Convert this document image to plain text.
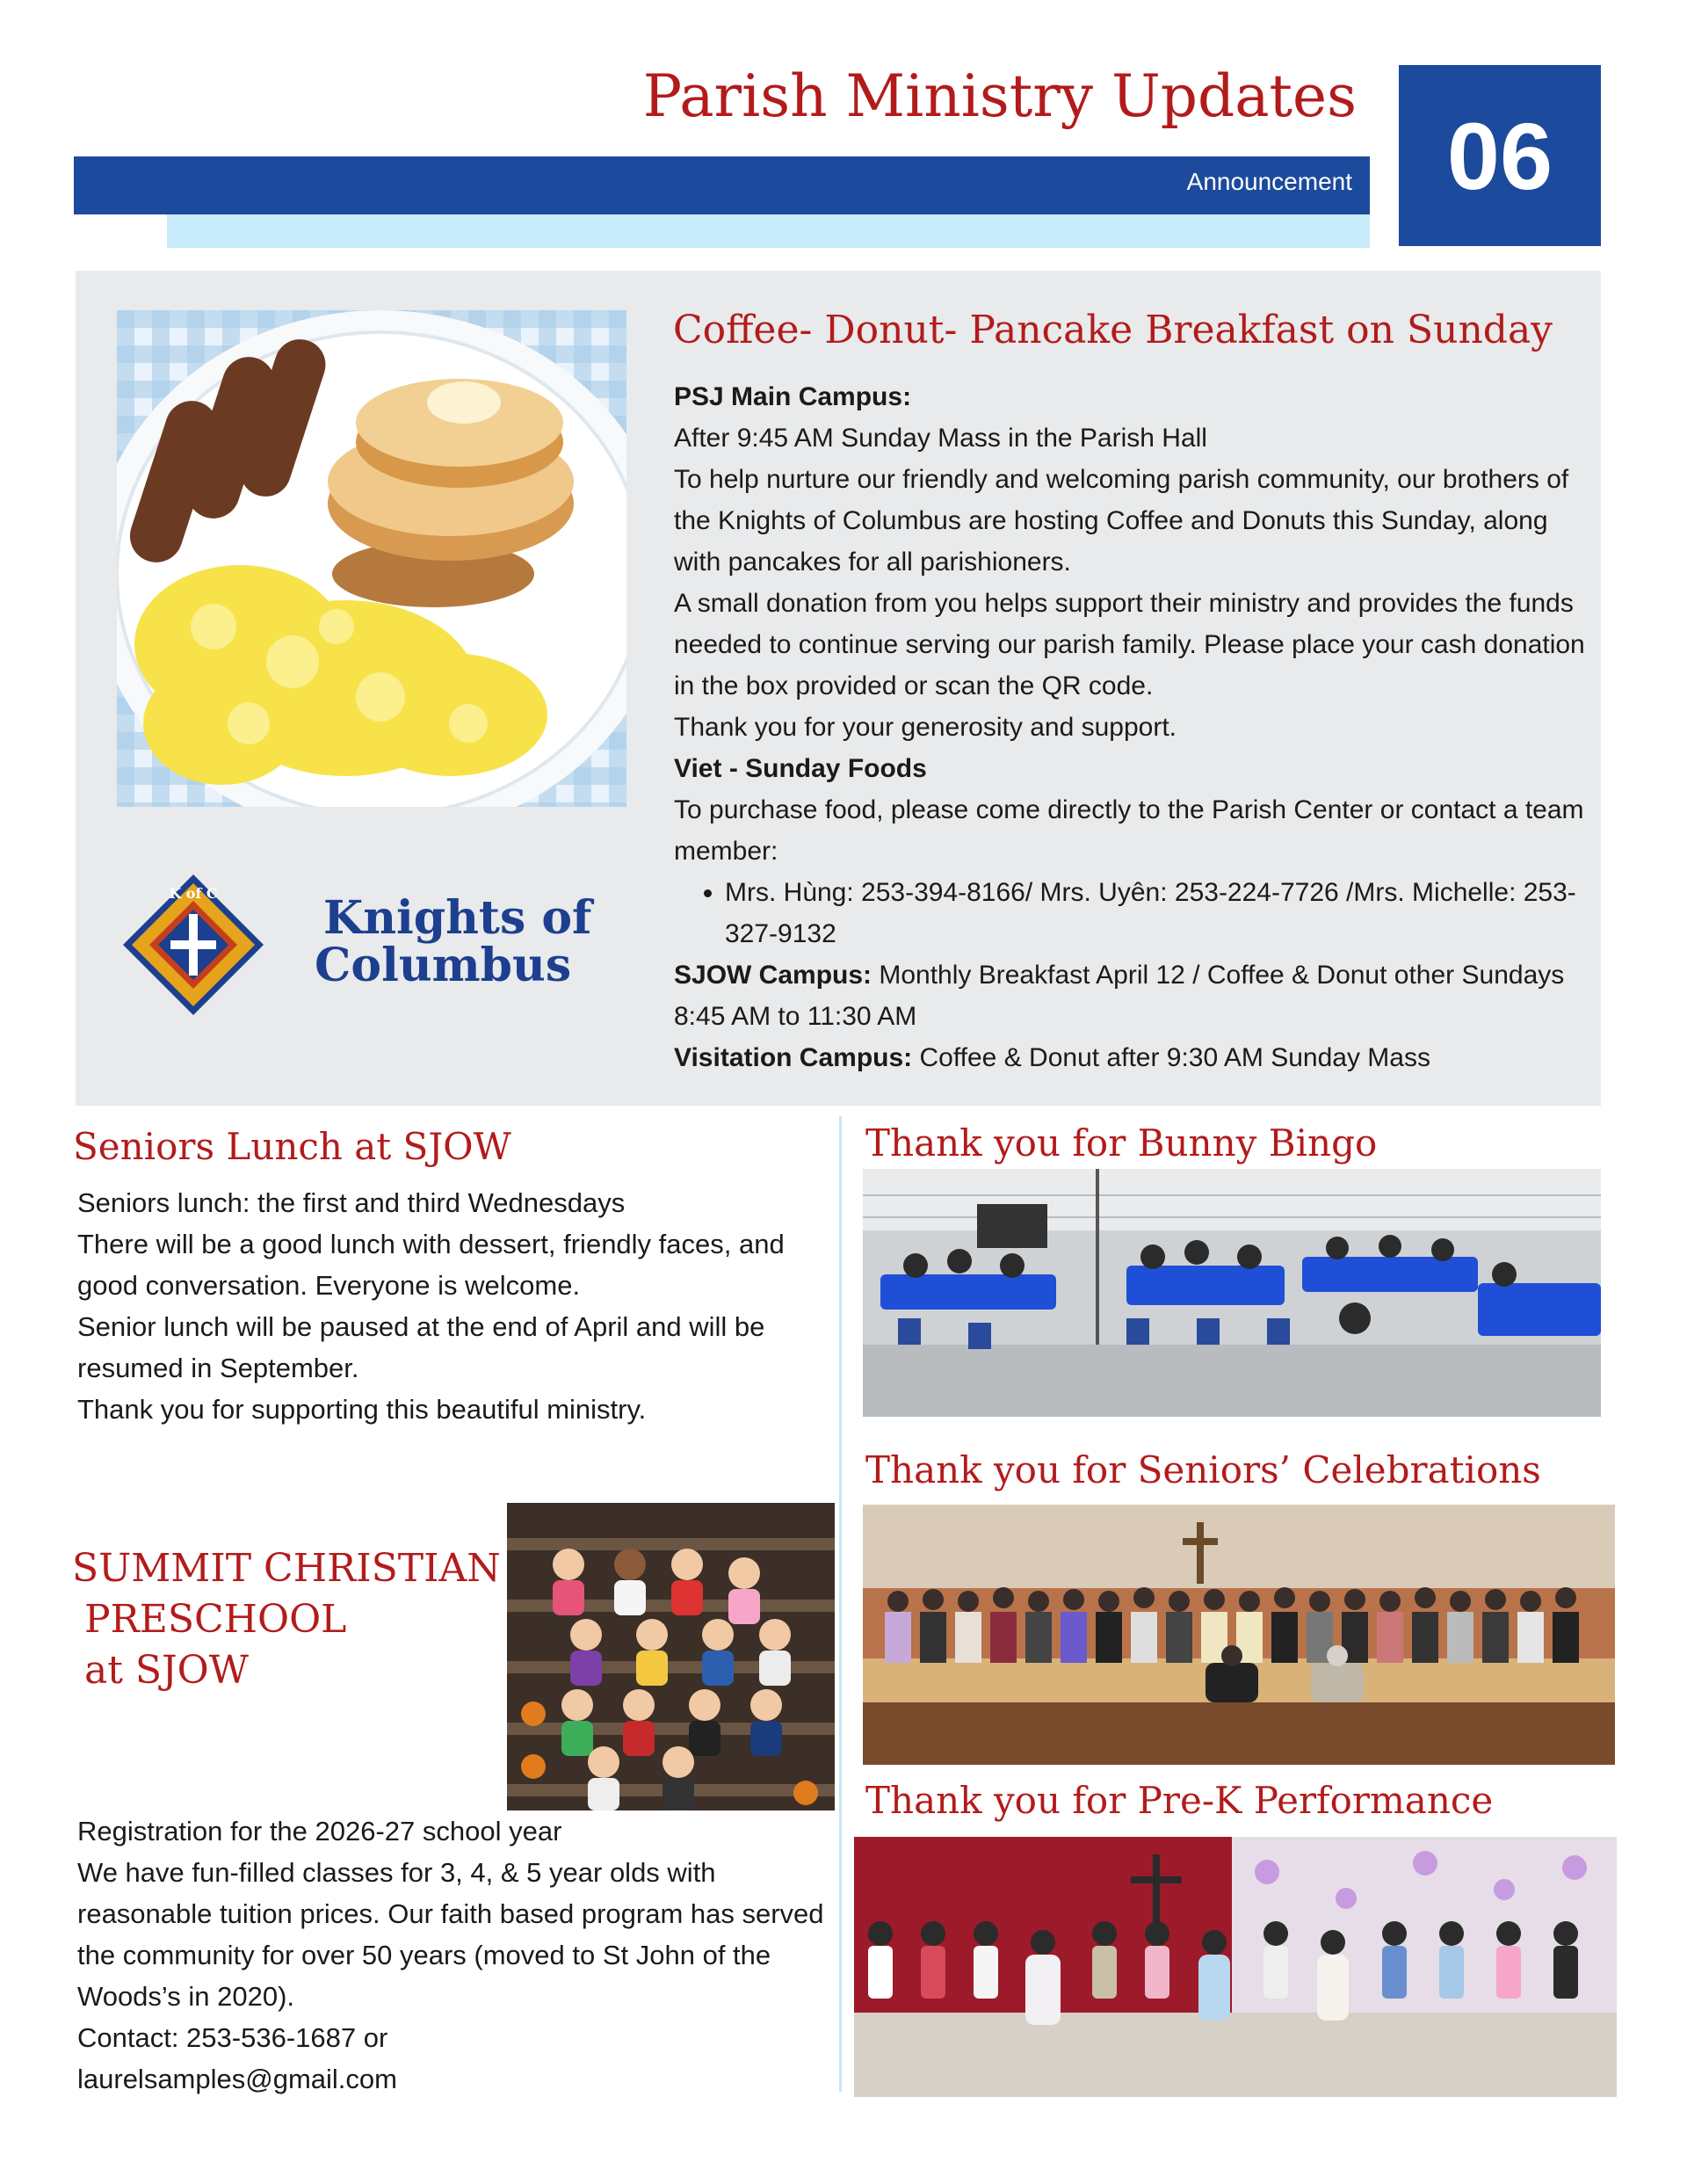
Parish Ministry Updates
Announcement 06
K of C Knights of
Columbus
Coffee- Donut- Pancake Breakfast on Sunday

PSJ Main Campus:

After 9:45 AM Sunday Mass in the Parish Hall

To help nurture our friendly and welcoming parish community, our brothers of the Knights of Columbus are hosting Coffee and Donuts this Sunday, along with pancakes for all parishioners.

A small donation from you helps support their ministry and provides the funds needed to continue serving our parish family. Please place your cash donation in the box provided or scan the QR code.

Thank you for your generosity and support.

Viet - Sunday Foods

To purchase food, please come directly to the Parish Center or contact a team member:

• Mrs. Hùng: 253-394-8166/ Mrs. Uyên: 253-224-7726 /Mrs. Michelle: 253-327-9132

SJOW Campus: Monthly Breakfast April 12 / Coffee & Donut other Sundays 8:45 AM to 11:30 AM

Visitation Campus: Coffee & Donut after 9:30 AM Sunday Mass

Seniors Lunch at SJOW

Seniors lunch: the first and third Wednesdays

There will be a good lunch with dessert, friendly faces, and good conversation. Everyone is welcome.

Senior lunch will be paused at the end of April and will be resumed in September.

Thank you for supporting this beautiful ministry.

SUMMIT CHRISTIAN
PRESCHOOL
at SJOW

Registration for the 2026-27 school year

We have fun-filled classes for 3, 4, & 5 year olds with reasonable tuition prices. Our faith based program has served the community for over 50 years (moved to St John of the Woods’s in 2020).

Contact: 253-536-1687 or

laurelsamples@gmail.com

Thank you for Bunny Bingo
Thank you for Seniors’ Celebrations
Thank you for Pre-K Performance
